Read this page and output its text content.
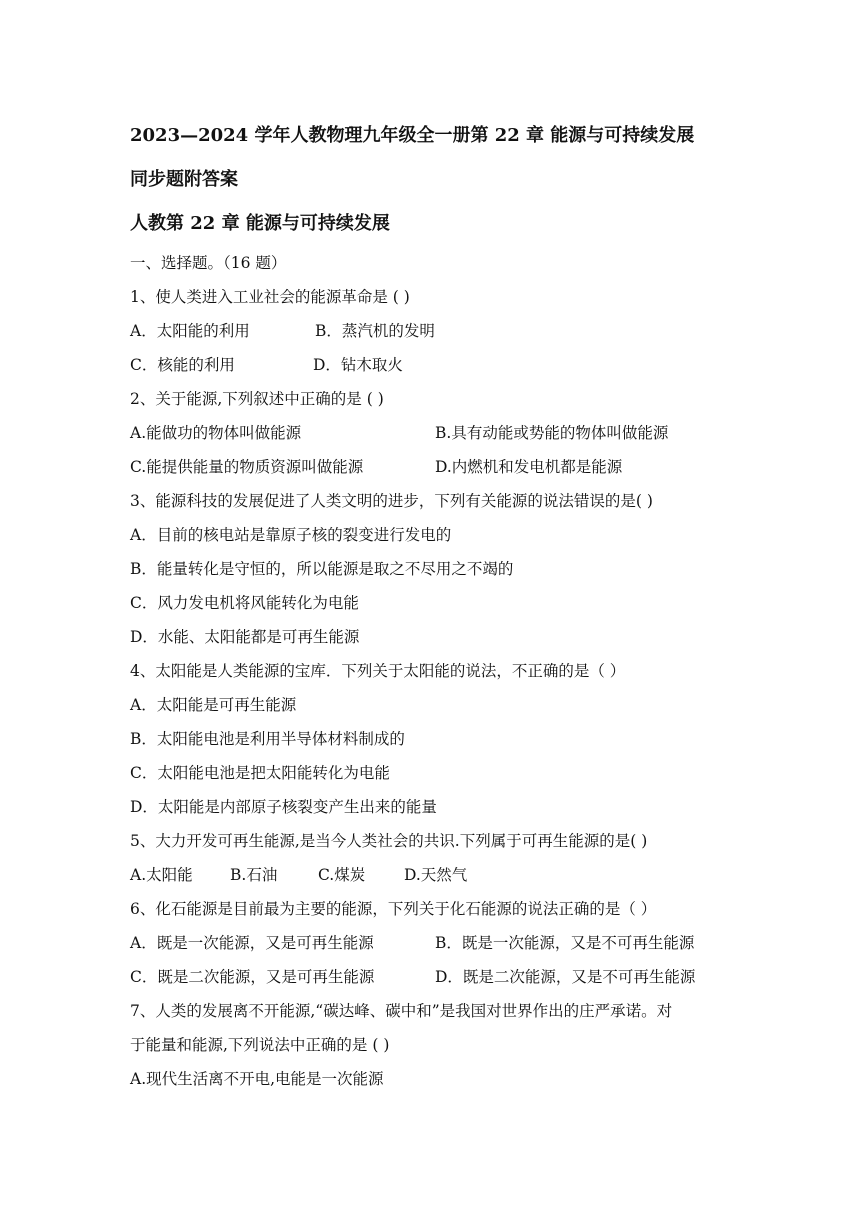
2023—2024 学年人教物理九年级全一册第 22 章 能源与可持续发展
同步题附答案
人教第 22 章 能源与可持续发展
一、选择题。（16 题）
1、使人类进入工业社会的能源革命是 ( )
A．太阳能的利用	B．蒸汽机的发明
C．核能的利用	D．钻木取火
2、关于能源,下列叙述中正确的是 ( )
A.能做功的物体叫做能源	B.具有动能或势能的物体叫做能源
C.能提供能量的物质资源叫做能源	D.内燃机和发电机都是能源
3、能源科技的发展促进了人类文明的进步，下列有关能源的说法错误的是( )
A．目前的核电站是靠原子核的裂变进行发电的
B．能量转化是守恒的，所以能源是取之不尽用之不竭的
C．风力发电机将风能转化为电能
D．水能、太阳能都是可再生能源
4、太阳能是人类能源的宝库．下列关于太阳能的说法，不正确的是（ ）
A．太阳能是可再生能源
B．太阳能电池是利用半导体材料制成的
C．太阳能电池是把太阳能转化为电能
D．太阳能是内部原子核裂变产生出来的能量
5、大力开发可再生能源,是当今人类社会的共识.下列属于可再生能源的是( )
A.太阳能	B.石油	C.煤炭	D.天然气
6、化石能源是目前最为主要的能源，下列关于化石能源的说法正确的是（ ）
A．既是一次能源，又是可再生能源	B．既是一次能源，又是不可再生能源
C．既是二次能源，又是可再生能源	D．既是二次能源，又是不可再生能源
7、人类的发展离不开能源,“碳达峰、碳中和”是我国对世界作出的庄严承诺。对
于能量和能源,下列说法中正确的是 ( )
A.现代生活离不开电,电能是一次能源
